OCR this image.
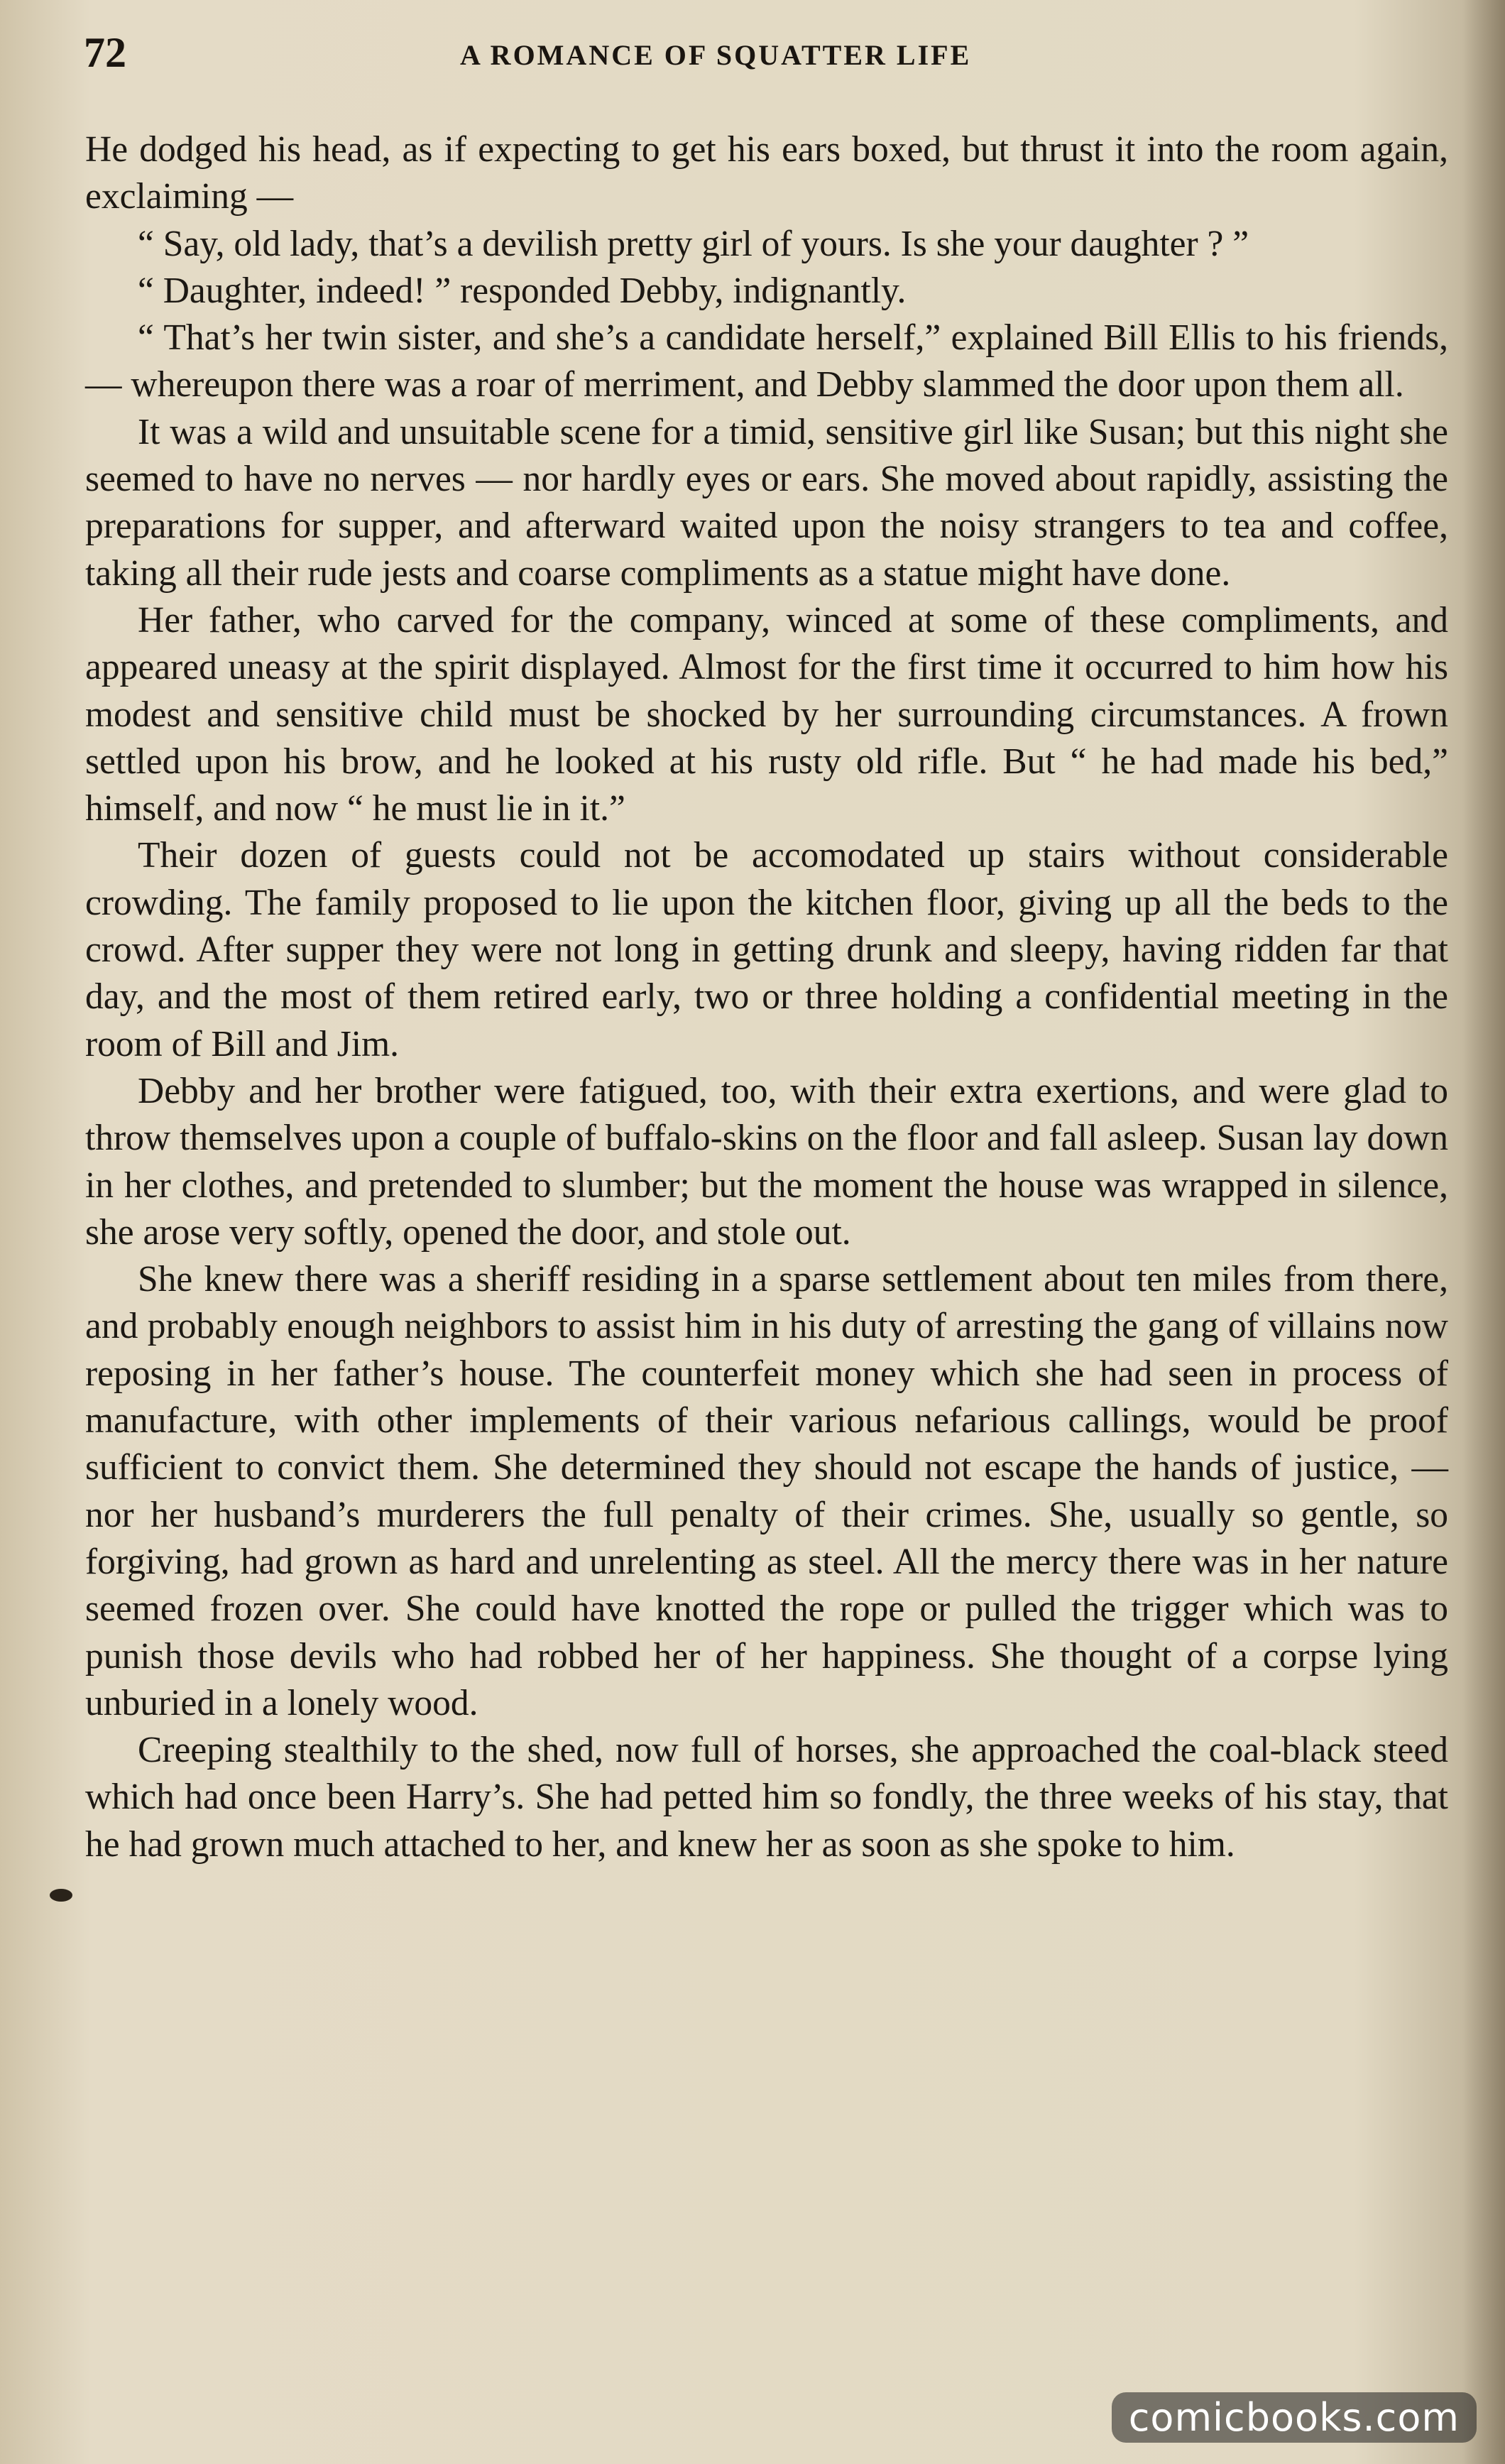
72	A ROMANCE OF SQUATTER LIFE

He dodged his head, as if expecting to get his ears boxed, but thrust it into the room again, exclaiming —

“ Say, old lady, that’s a devilish pretty girl of yours. Is she your daughter ? ”

“ Daughter, indeed! ” responded Debby, indignantly.

“ That’s her twin sister, and she’s a candidate herself,” explained Bill Ellis to his friends, — whereupon there was a roar of merriment, and Debby slammed the door upon them all.

It was a wild and unsuitable scene for a timid, sensitive girl like Susan; but this night she seemed to have no nerves — nor hardly eyes or ears. She moved about rapidly, assisting the preparations for supper, and afterward waited upon the noisy strangers to tea and coffee, taking all their rude jests and coarse compliments as a statue might have done.

Her father, who carved for the company, winced at some of these compliments, and appeared uneasy at the spirit displayed. Almost for the first time it occurred to him how his modest and sensitive child must be shocked by her surrounding circumstances. A frown settled upon his brow, and he looked at his rusty old rifle. But “ he had made his bed,” himself, and now “ he must lie in it.”

Their dozen of guests could not be accomodated up stairs without considerable crowding. The family proposed to lie upon the kitchen floor, giving up all the beds to the crowd. After supper they were not long in getting drunk and sleepy, having ridden far that day, and the most of them retired early, two or three holding a confidential meeting in the room of Bill and Jim.

Debby and her brother were fatigued, too, with their extra exertions, and were glad to throw themselves upon a couple of buffalo-skins on the floor and fall asleep. Susan lay down in her clothes, and pretended to slumber; but the moment the house was wrapped in silence, she arose very softly, opened the door, and stole out.

She knew there was a sheriff residing in a sparse settlement about ten miles from there, and probably enough neighbors to assist him in his duty of arresting the gang of villains now reposing in her father’s house. The counterfeit money which she had seen in process of manufacture, with other implements of their various nefarious callings, would be proof sufficient to convict them. She determined they should not escape the hands of justice, — nor her husband’s murderers the full penalty of their crimes. She, usually so gentle, so forgiving, had grown as hard and unrelenting as steel. All the mercy there was in her nature seemed frozen over. She could have knotted the rope or pulled the trigger which was to punish those devils who had robbed her of her happiness. She thought of a corpse lying unburied in a lonely wood.

Creeping stealthily to the shed, now full of horses, she approached the coal-black steed which had once been Harry’s. She had petted him so fondly, the three weeks of his stay, that he had grown much attached to her, and knew her as soon as she spoke to him.

comicbooks.com
